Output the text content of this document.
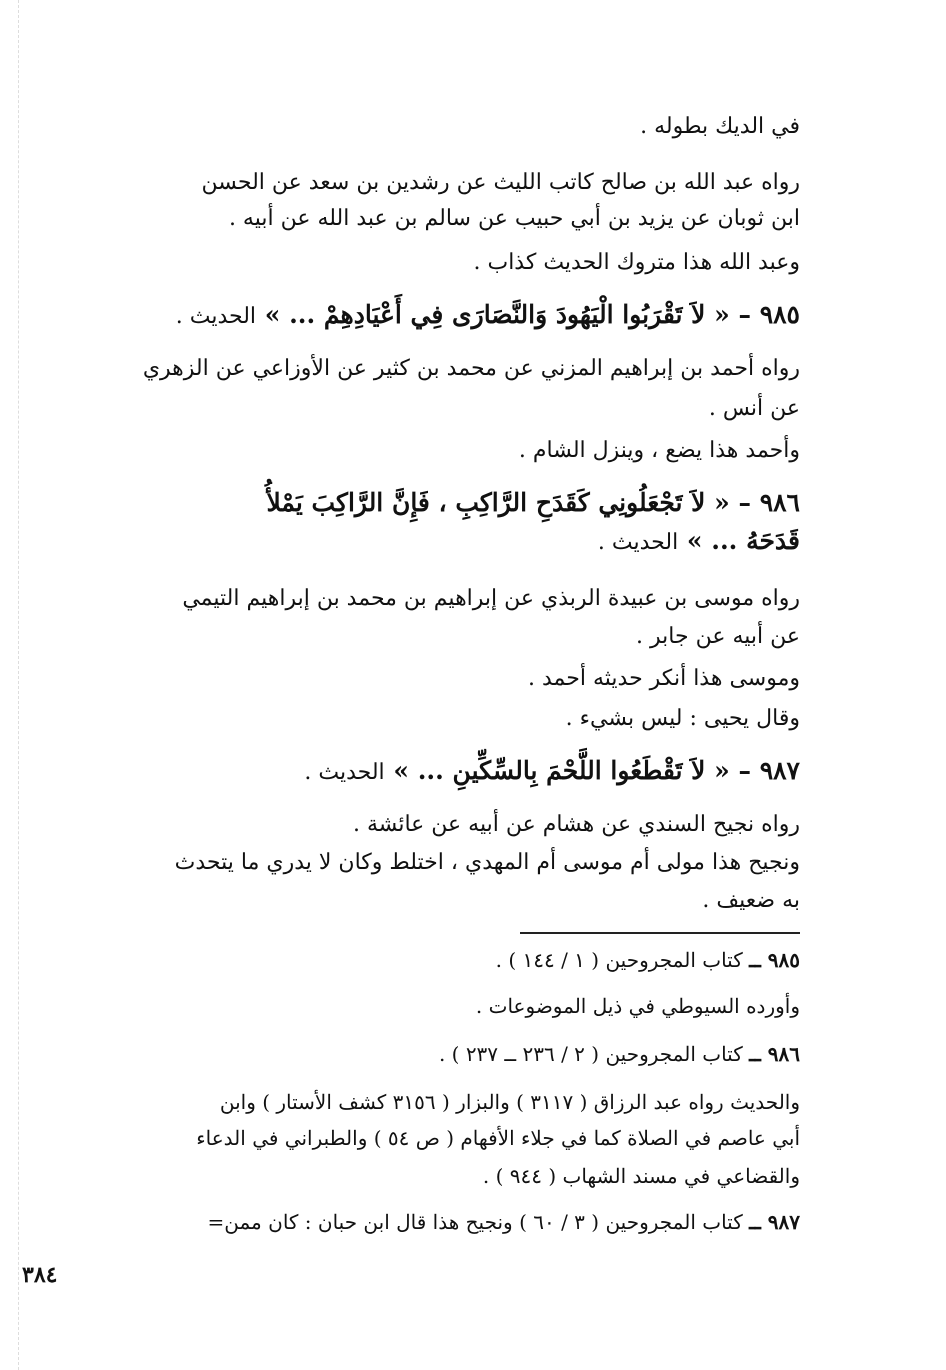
في الديك بطوله .
رواه عبد الله بن صالح كاتب الليث عن رشدين بن سعد عن الحسن
ابن ثوبان عن يزيد بن أبي حبيب عن سالم بن عبد الله عن أبيه .
وعبد الله هذا متروك الحديث كذاب .
٩٨٥ – « لاَ تَقْرَبُوا الْيَهُودَ وَالنَّصَارَى فِي أَعْيَادِهِمْ ... » الحديث .
رواه أحمد بن إبراهيم المزني عن محمد بن كثير عن الأوزاعي عن الزهري
عن أنس .
وأحمد هذا يضع ، وينزل الشام .
٩٨٦ – « لاَ تَجْعَلُونِي كَقَدَحِ الرَّاكِبِ ، فَإِنَّ الرَّاكِبَ يَمْلأُ
قَدَحَهُ ... » الحديث .
رواه موسى بن عبيدة الربذي عن إبراهيم بن محمد بن إبراهيم التيمي
عن أبيه عن جابر .
وموسى هذا أنكر حديثه أحمد .
وقال يحيى : ليس بشيء .
٩٨٧ – « لاَ تَقْطَعُوا اللَّحْمَ بِالسِّكِّينِ ... » الحديث .
رواه نجيح السندي عن هشام عن أبيه عن عائشة .
ونجيح هذا مولى أم موسى أم المهدي ، اختلط وكان لا يدري ما يتحدث
به ضعيف .
٩٨٥ ــ كتاب المجروحين ( ١ / ١٤٤ ) .
وأورده السيوطي في ذيل الموضوعات .
٩٨٦ ــ كتاب المجروحين ( ٢ / ٢٣٦ ــ ٢٣٧ ) .
والحديث رواه عبد الرزاق ( ٣١١٧ ) والبزار ( ٣١٥٦ كشف الأستار ) وابن
أبي عاصم في الصلاة كما في جلاء الأفهام ( ص ٥٤ ) والطبراني في الدعاء
والقضاعي في مسند الشهاب ( ٩٤٤ ) .
٩٨٧ ــ كتاب المجروحين ( ٣ / ٦٠ ) ونجيح هذا قال ابن حبان : كان ممن=
٣٨٤
